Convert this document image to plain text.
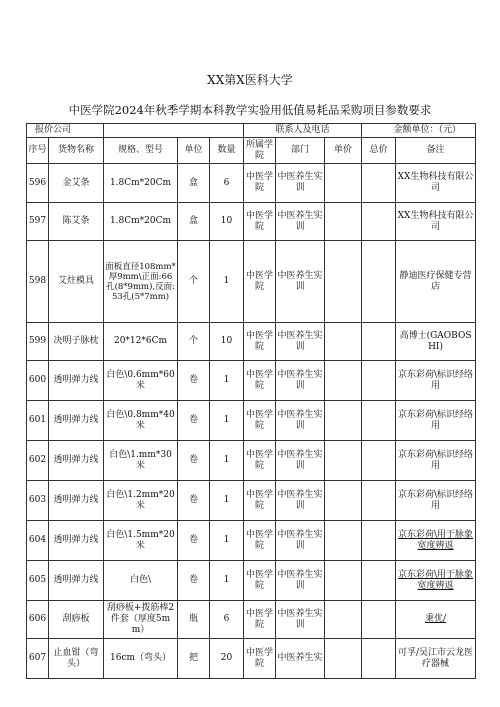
XX第X医科大学
中医学院2024年秋季学期本科教学实验用低值易耗品采购项目参数要求
报价公司					联系人及电话			金额单位：（元）	
序号	货物名称	规格、型号	单位	数量	所属学院	部门	单价	总价	备注
596	金艾条	1.8Cm*20Cm	盒	6	中医学院	中医养生实训			XX生物科技有限公司
597	陈艾条	1.8Cm*20Cm	盒	10	中医学院	中医养生实训			XX生物科技有限公司
598	艾炷模具	面板直径108mm*厚9mm\正面:66孔(8*9mm),反面:53孔(5*7mm)	个	1	中医学院	中医养生实训			静迪医疗保健专营店
599	决明子脉枕	20*12*6Cm	个	10	中医学院	中医养生实训			高博士(GAOBOSHI)
600	透明弹力线	白色\0.6mm*60米	卷	1	中医学院	中医养生实训			京东彩荷\标识经络用
601	透明弹力线	白色\0.8mm*40米	卷	1	中医学院	中医养生实训			京东彩荷\标识经络用
602	透明弹力线	白色\1.mm*30米	卷	1	中医学院	中医养生实训			京东彩荷\标识经络用
603	透明弹力线	白色\1.2mm*20米	卷	1	中医学院	中医养生实训			京东彩荷\标识经络用
604	透明弹力线	白色\1.5mm*20米	卷	1	中医学院	中医养生实训			京东彩荷\用于脉象宽度辨返
605	透明弹力线	白色\	卷	1	中医学院	中医养生实训			京东彩荷\用于脉象宽度辨返
606	刮痧板	刮痧板+拨筋棒2件套（厚度5mm）	瓶	6	中医学院	中医养生实训			秉优/
607	止血钳（弯头）	16cm（弯头）	把	20	中医学院	中医养生实			可孚/吴江市云龙医疗器械
